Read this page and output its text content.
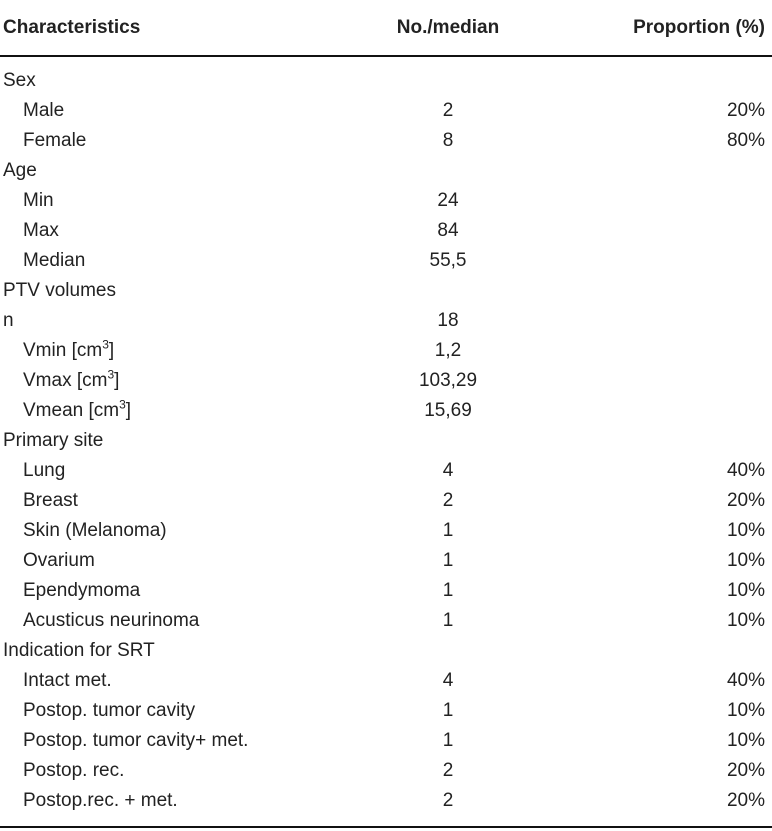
Characteristics	No./median	Proportion (%)
Sex
Male	2	20%
Female	8	80%
Age
Min	24
Max	84
Median	55,5
PTV volumes
n	18
Vmin $[cm^3]$	1,2
Vmax $[cm^3]$	103,29
Vmean $[cm^3]$	15,69
Primary site
Lung	4	40%
Breast	2	20%
Skin (Melanoma)	1	10%
Ovarium	1	10%
Ependymoma	1	10%
Acusticus neurinoma	1	10%
Indication for SRT
Intact met.	4	40%
Postop. tumor cavity	1	10%
Postop. tumor cavity+ met.	1	10%
Postop. rec.	2	20%
Postop.rec. + met.	2	20%
